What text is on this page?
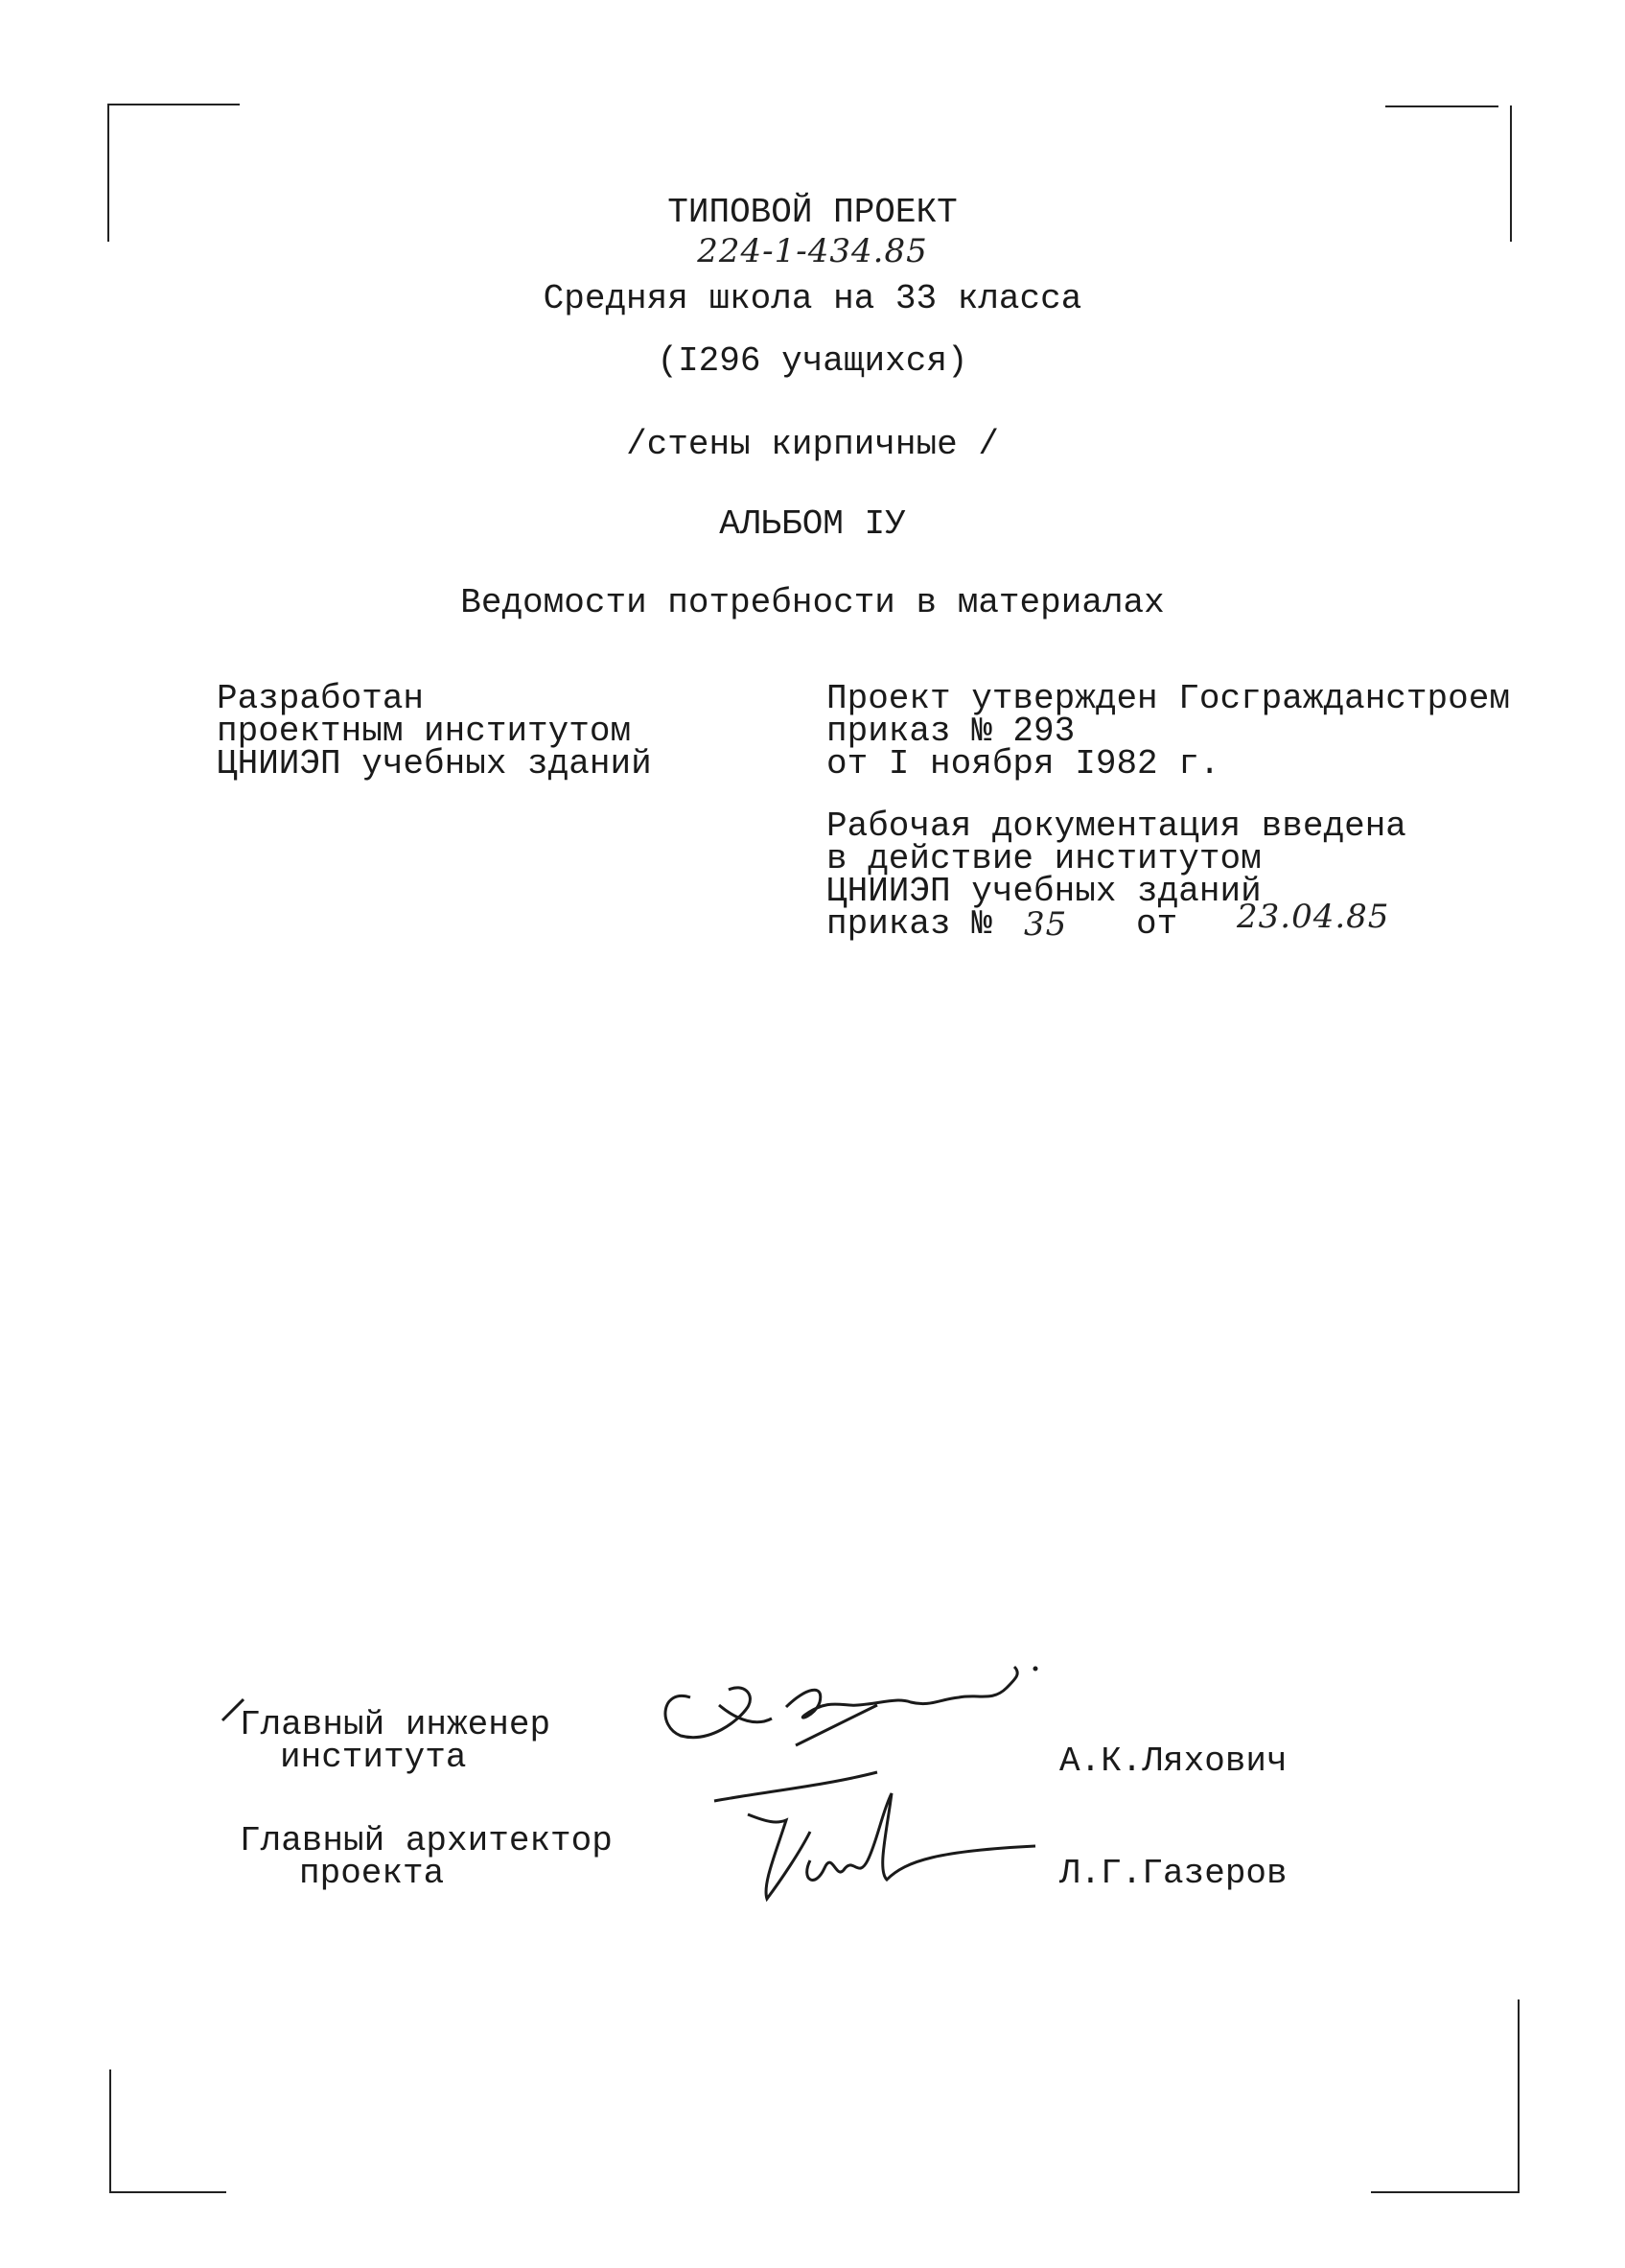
ТИПОВОЙ ПРОЕКТ
224-1-434.85
Средняя школа на 33 класса
(I296 учащихся)
/стены кирпичные /
АЛЬБОМ IУ
Ведомости потребности в материалах
Разработан
проектным институтом
ЦНИИЭП учебных зданий
Проект утвержден Госгражданстроем
приказ № 293
от I ноября I982 г.
Рабочая документация введена
в действие институтом
ЦНИИЭП учебных зданий
приказ № 35 от 23.04.85
Главный инженер
института	А.К.Ляхович
Главный архитектор
проекта	Л.Г.Газеров
